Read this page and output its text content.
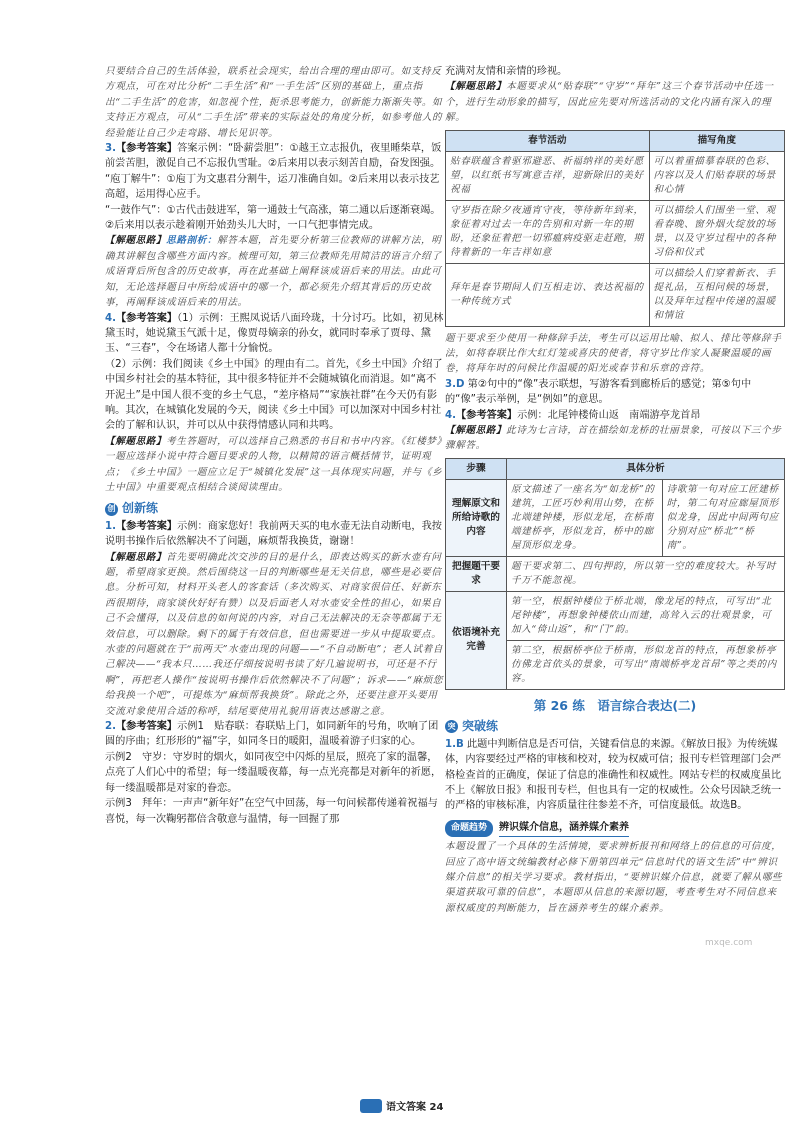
只要结合自己的生活体验，联系社会现实，给出合理的理由即可。如支持反方观点，可在对比分析“二手生活”和“一手生活”区别的基础上，重点指出“二手生活”的危害，如忽视个性，扼杀思考能力，创新能力渐渐失等。如支持正方观点，可从“二手生活”带来的实际益处的角度分析，如参考他人的经验能让自己少走弯路、增长见识等。
3.【参考答案】答案示例：“卧薪尝胆”：①越王立志报仇，夜里睡柴草，饭前尝苦胆，激促自己不忘报仇雪耻。②后来用以表示刻苦自励，奋发图强。
“庖丁解牛”：①庖丁为文惠君分割牛，运刀准确自如。②后来用以表示技艺高超，运用得心应手。
“一鼓作气”：①古代击鼓进军，第一通鼓士气高涨，第二通以后逐渐衰竭。②后来用以表示趁着刚开始劲头儿大时，一口气把事情完成。
【解题思路】思路剖析：解答本题，首先要分析第三位教师的讲解方法，明确其讲解包含哪些方面内容。梳理可知，第三位教师先用简洁的语言介绍了成语背后所包含的历史故事，再在此基础上阐释该成语后来的用法。由此可知，无论选择题目中所给成语中的哪一个，都必须先介绍其背后的历史故事，再阐释该成语后来的用法。
4.【参考答案】（1）示例：王熙凤说话八面玲珑，十分讨巧。比如，初见林黛玉时，她说黛玉气派十足，像贾母嫡亲的孙女，就同时奉承了贾母、黛玉、“三春”，令在场诸人都十分愉悦。
（2）示例：我们阅读《乡土中国》的理由有二。首先，《乡土中国》介绍了中国乡村社会的基本特征，其中很多特征并不会随城镇化而消退。如“离不开泥土”是中国人很不变的乡土气息，“差序格局”“家族社群”在今天仍有影响。其次，在城镇化发展的今天，阅读《乡土中国》可以加深对中国乡村社会的了解和认识，并可以从中获得情感认同和共鸣。
【解题思路】考生答题时，可以选择自己熟悉的书目和书中内容。《红楼梦》一题应选择小说中符合题目要求的人物，以精简的语言概括情节，证明观点；《乡土中国》一题应立足于“城镇化发展”这一具体现实问题，并与《乡土中国》中重要观点相结合谈阅读理由。
创 创新练
1.【参考答案】示例：商家您好！我前两天买的电水壶无法自动断电，我按说明书操作后依然解决不了问题，麻烦帮我换货，谢谢！
【解题思路】首先要明确此次交涉的目的是什么，即表达购买的新水壶有问题，希望商家更换。然后围绕这一目的判断哪些是无关信息，哪些是必要信息。分析可知，材料开头老人的客套话（多次购买、对商家很信任、好新东西很期待，商家谈伙好好有赞）以及后面老人对水壶安全性的担心，如果自己不会懂得，以及信息的如何说的内容，对自己无法解决的无奈等都属于无效信息，可以删除。剩下的属于有效信息，但也需要进一步从中提取要点。水壶的问题就在于“前两天”水壶出现的问题——“不自动断电”；老人试着自己解决——“我本只……我还仔细按说明书读了好几遍说明书，可还是不行啊”，再把老人操作“按说明书操作后依然解决不了问题”；诉求——“麻烦您给我换一个吧”，可提炼为“麻烦帮我换货”。除此之外，还要注意开头要用交流对象使用合适的称呼，结尾要使用礼貌用语表达感谢之意。
2.【参考答案】示例1　贴春联：春联贴上门，如同新年的号角，吹响了团圆的序曲；红形形的“福”字，如同冬日的暖阳，温暖着游子归家的心。
示例2　守岁：守岁时的烟火，如同夜空中闪烁的星辰，照亮了家的温馨，点亮了人们心中的希望；每一缕温暖夜幕，每一点光亮都是对新年的祈愿，每一缕温暖都是对家的眷恋。
示例3　拜年：一声声“新年好”在空气中回荡，每一句问候都传递着祝福与喜悦，每一次鞠躬都倍含敬意与温情，每一回握了那
充满对友情和亲情的珍视。
【解题思路】本题要求从“贴春联”“守岁”“拜年”这三个春节活动中任选一个，进行生动形象的描写，因此应先要对所选活动的文化内涵有深入的理解。
春节活动	描写角度
贴春联蕴含着驱邪避恶、祈福纳祥的美好愿望，以红纸书写寓意吉祥，迎新除旧的美好祝福	可以着重描摹春联的色彩、内容以及人们贴春联的场景和心情
守岁指在除夕夜通宵守夜，等待新年到来，象征着对过去一年的告别和对新一年的期盼，还象征着把一切邪瘟病疫驱走赶跑，期待着新的一年吉祥如意	可以描绘人们围坐一堂、观看春晚、窗外烟火绽放的场景，以及守岁过程中的各种习俗和仪式
拜年是春节期间人们互相走访、表达祝福的一种传统方式	可以描绘人们穿着新衣、手提礼品，互相问候的场景，以及拜年过程中传递的温暖和情谊
题干要求至少使用一种修辞手法，考生可以运用比喻、拟人、排比等修辞手法，如将春联比作大红灯笼或喜庆的使者，将守岁比作家人凝聚温暖的画卷，将拜年时的问候比作温暖的阳光或春节和乐章的音符。
3.D 第②句中的“像”表示联想，写游客看到廊桥后的感觉；第⑤句中的“像”表示举例，是“例如”的意思。
4.【参考答案】示例：北尾钟楼倚山返　南端游亭龙首昂
【解题思路】此诗为七言诗，首在描绘如龙桥的壮丽景象，可按以下三个步骤解答。
步骤	具体分析	
理解原文和所给诗歌的内容	原文描述了一座名为“如龙桥”的建筑，工匠巧妙利用山势，在桥北端建钟楼，形似龙尾，在桥南端建桥亭，形似龙首，桥中的廊屋顶形似龙身。	诗歌第一句对应工匠建桥时，第二句对应廊屋顶形似龙身，因此中间两句应分别对应“桥北”“桥南”。
把握题干要求	题干要求第二、四句押韵，所以第一空的难度较大。补写时千万不能忽视。	
依语境补充完善	第一空，根据钟楼位于桥北端，像龙尾的特点，可写出“北尾钟楼”，再想象钟楼依山而建，高耸入云的壮观景象，可加入“倚山返”，和“门”韵。	
	第二空，根据桥亭位于桥南，形似龙首的特点，再想象桥亭仿佛龙首依头的景象，可写出“南端桥亭龙首昂”等之类的内容。	
第 26 练　语言综合表达(二)
突 突破练
1.B 此题中判断信息是否可信，关键看信息的来源。《解放日报》为传统媒体，内容要经过严格的审核和校对，较为权威可信；报刊专栏管理部门会严格检查首的正确度，保证了信息的准确性和权威性。网站专栏的权威度虽比不上《解放日报》和报刊专栏，但也具有一定的权威性。公众号因缺乏统一的严格的审核标准，内容质量往往参差不齐，可信度最低。故选B。
命题趋势	辨识媒介信息，涵养媒介素养
本题设置了一个具体的生活情境，要求辨析报刊和网络上的信息的可信度，回应了高中语文统编教材必修下册第四单元“信息时代的语文生活”中“辨识媒介信息”的相关学习要求。教材指出，“要辨识媒介信息，就要了解从哪些渠道获取可靠的信息”，本题即从信息的来源切题，考查考生对不同信息来源权威度的判断能力，旨在涵养考生的媒介素养。
mxqe.com
语文答案 24
